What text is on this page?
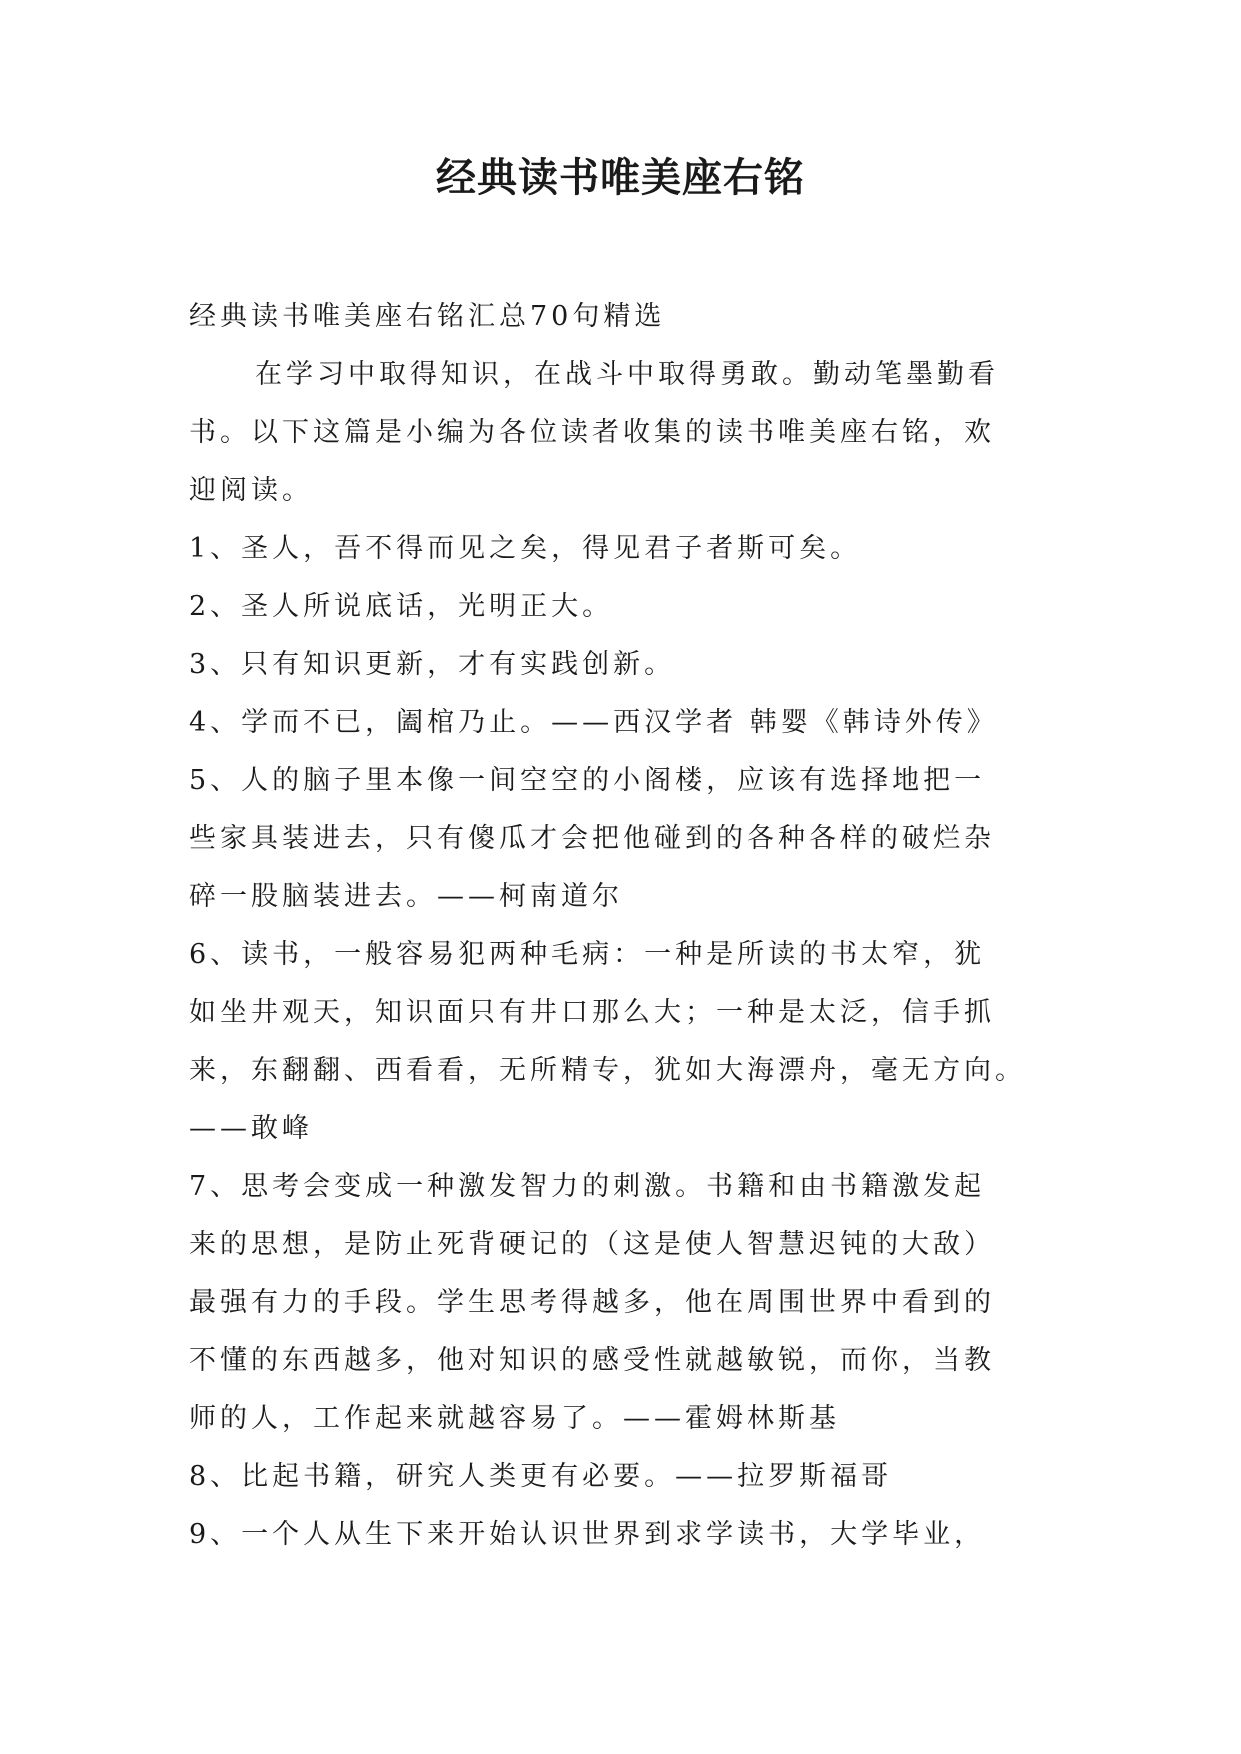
经典读书唯美座右铭
经典读书唯美座右铭汇总70句精选
在学习中取得知识，在战斗中取得勇敢。勤动笔墨勤看
书。以下这篇是小编为各位读者收集的读书唯美座右铭，欢
迎阅读。
1、圣人，吾不得而见之矣，得见君子者斯可矣。
2、圣人所说底话，光明正大。
3、只有知识更新，才有实践创新。
4、学而不已，阖棺乃止。——西汉学者 韩婴《韩诗外传》
5、人的脑子里本像一间空空的小阁楼，应该有选择地把一
些家具装进去，只有傻瓜才会把他碰到的各种各样的破烂杂
碎一股脑装进去。——柯南道尔
6、读书，一般容易犯两种毛病：一种是所读的书太窄，犹
如坐井观天，知识面只有井口那么大；一种是太泛，信手抓
来，东翻翻、西看看，无所精专，犹如大海漂舟，毫无方向。
——敢峰
7、思考会变成一种激发智力的刺激。书籍和由书籍激发起
来的思想，是防止死背硬记的（这是使人智慧迟钝的大敌）
最强有力的手段。学生思考得越多，他在周围世界中看到的
不懂的东西越多，他对知识的感受性就越敏锐，而你，当教
师的人，工作起来就越容易了。——霍姆林斯基
8、比起书籍，研究人类更有必要。——拉罗斯福哥
9、一个人从生下来开始认识世界到求学读书，大学毕业，
